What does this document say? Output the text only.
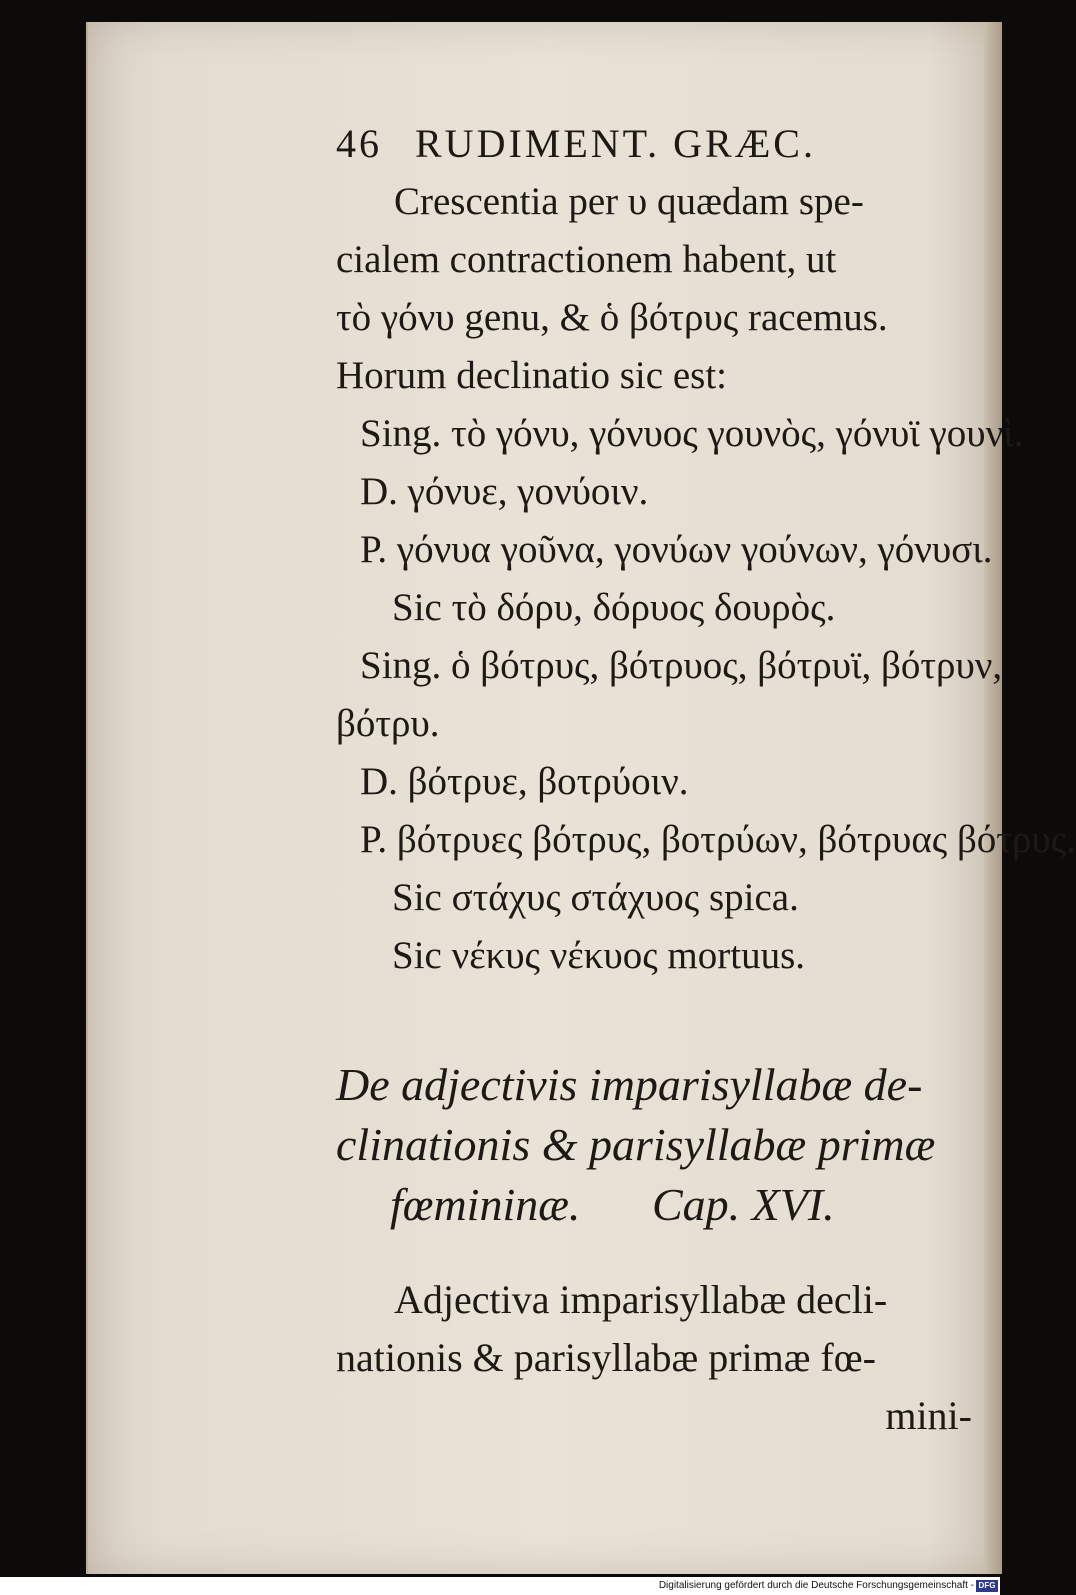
46 RUDIMENT. GRÆC.
Crescentia per υ quædam spe-
cialem contractionem habent, ut
τὸ γόνυ genu, & ὁ βότρυς racemus.
Horum declinatio sic est:
Sing. τὸ γόνυ, γόνυος γουνὸς, γόνυϊ γουνὶ.
D. γόνυε, γονύοιν.
P. γόνυα γοῦνα, γονύων γούνων, γόνυσι.
Sic τὸ δόρυ, δόρυος δουρὸς.
Sing. ὁ βότρυς, βότρυος, βότρυϊ, βότρυν,
βότρυ.
D. βότρυε, βοτρύοιν.
P. βότρυες βότρυς, βοτρύων, βότρυας βότρυς.
Sic στάχυς στάχυος spica.
Sic νέκυς νέκυος mortuus.
De adjectivis imparisyllabæ de-
clinationis & parisyllabæ primæ
fœmininæ. Cap. XVI.
Adjectiva imparisyllabæ decli-
nationis & parisyllabæ primæ fœ-
mini-
Digitalisierung gefördert durch die Deutsche Forschungsgemeinschaft - DFG
